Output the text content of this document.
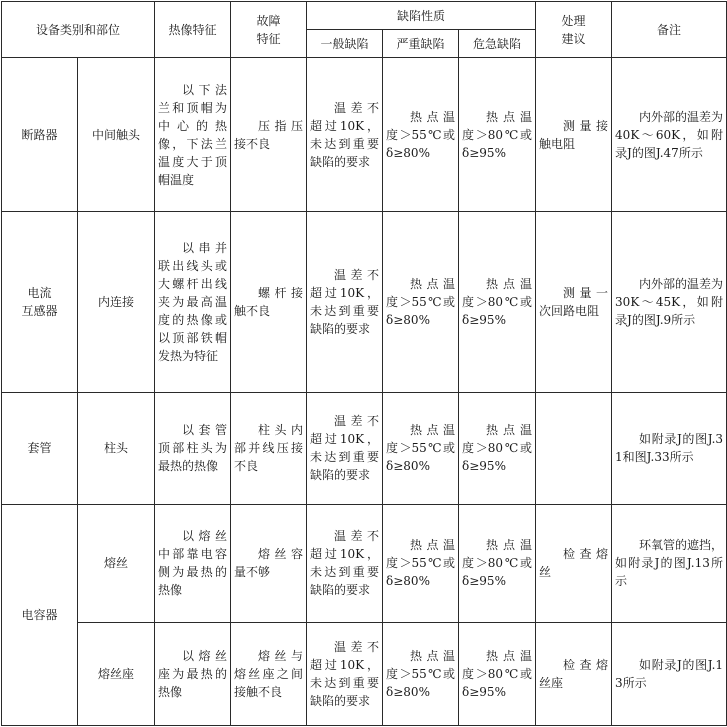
设备类别和部位		热像特征	故障
特征	缺陷性质			处理
建议	备注
				一般缺陷	严重缺陷	危急缺陷		
断路器	中间触头	以下法兰和顶帽为中心的热像，下法兰温度大于顶帽温度	压指压接不良	温差不超过10K，未达到重要缺陷的要求	热点温度＞55℃或δ≥80%	热点温度＞80℃或δ≥95%	测量接触电阻	内外部的温差为40K～60K，如附录J的图J.47所示

电流
互感器	内连接	以串并联出线头或大螺杆出线夹为最高温度的热像或以顶部铁帽发热为特征	螺杆接触不良	温差不超过10K，未达到重要缺陷的要求	热点温度＞55℃或δ≥80%	热点温度＞80℃或δ≥95%	测量一次回路电阻	内外部的温差为30K～45K，如附录J的图J.9所示

套管	柱头	以套管顶部柱头为最热的热像	柱头内部并线压接不良	温差不超过10K，未达到重要缺陷的要求	热点温度＞55℃或δ≥80%	热点温度＞80℃或δ≥95%		如附录J的图J.31和图J.33所示

电容器	熔丝	以熔丝中部靠电容侧为最热的热像	熔丝容量不够	温差不超过10K，未达到重要缺陷的要求	热点温度＞55℃或δ≥80%	热点温度＞80℃或δ≥95%	检查熔丝	环氧管的遮挡，如附录J的图J.13所示

	熔丝座	以熔丝座为最热的热像	熔丝与熔丝座之间接触不良	温差不超过10K，未达到重要缺陷的要求	热点温度＞55℃或δ≥80%	热点温度＞80℃或δ≥95%	检查熔丝座	如附录J的图J.13所示
